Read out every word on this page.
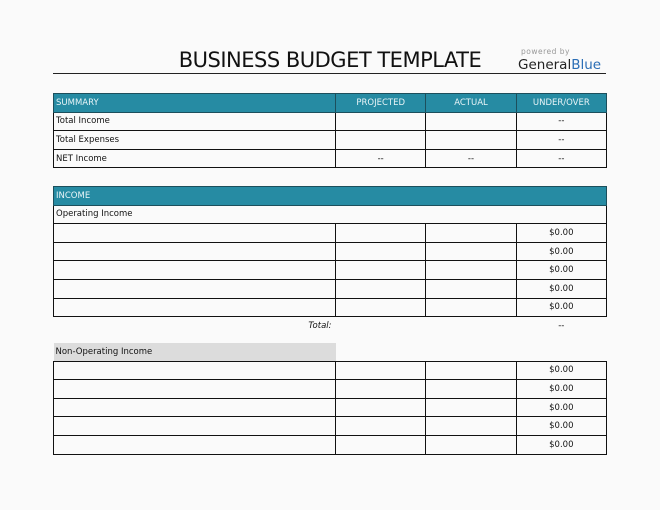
BUSINESS BUDGET TEMPLATE	powered by
GeneralBlue
SUMMARY	PROJECTED	ACTUAL	UNDER/OVER
Total Income			--
Total Expenses			--
NET Income	--	--	--
INCOME			
Operating Income			
			$0.00
			$0.00
			$0.00
			$0.00
			$0.00
Total:			--
Non-Operating Income			
			$0.00
			$0.00
			$0.00
			$0.00
			$0.00
